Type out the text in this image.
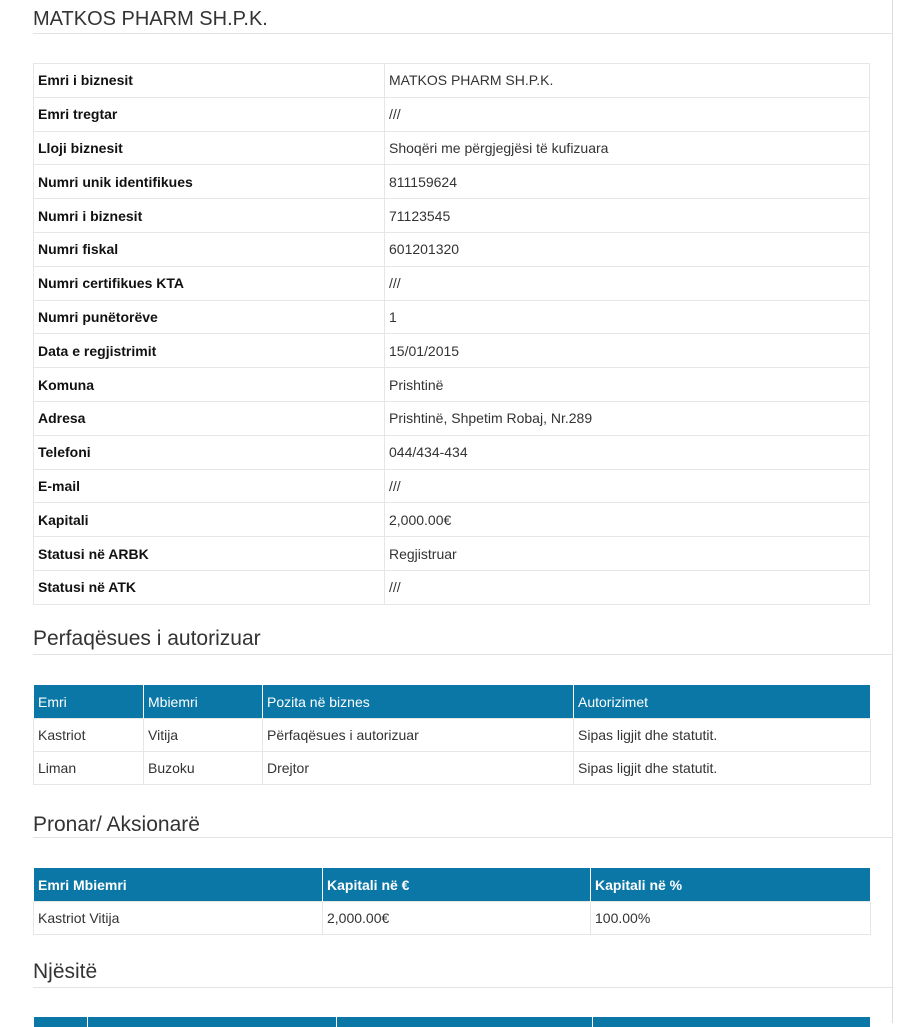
MATKOS PHARM SH.P.K.
Emri i biznesit	MATKOS PHARM SH.P.K.
Emri tregtar	///
Lloji biznesit	Shoqëri me përgjegjësi të kufizuara
Numri unik identifikues	811159624
Numri i biznesit	71123545
Numri fiskal	601201320
Numri certifikues KTA	///
Numri punëtorëve	1
Data e regjistrimit	15/01/2015
Komuna	Prishtinë
Adresa	Prishtinë, Shpetim Robaj, Nr.289
Telefoni	044/434-434
E-mail	///
Kapitali	2,000.00€
Statusi në ARBK	Regjistruar
Statusi në ATK	///
Perfaqësues i autorizuar
Emri	Mbiemri	Pozita në biznes	Autorizimet
Kastriot	Vitija	Përfaqësues i autorizuar	Sipas ligjit dhe statutit.
Liman	Buzoku	Drejtor	Sipas ligjit dhe statutit.
Pronar/ Aksionarë
Emri Mbiemri	Kapitali në €	Kapitali në %
Kastriot Vitija	2,000.00€	100.00%
Njësitë
